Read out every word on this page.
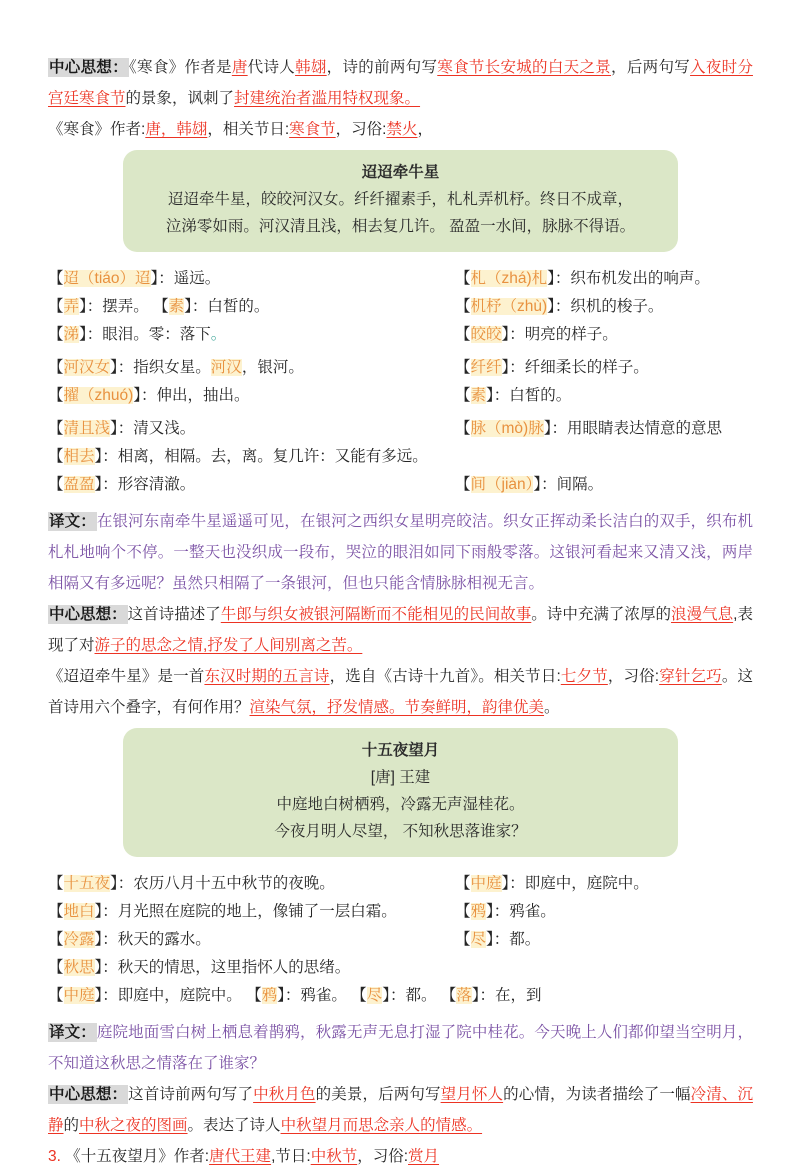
中心思想：《寒食》作者是唐代诗人韩翃，诗的前两句写寒食节长安城的白天之景，后两句写入夜时分宫廷寒食节的景象，讽刺了封建统治者滥用特权现象。
《寒食》作者:唐，韩翃，相关节日:寒食节，习俗:禁火，
迢迢牵牛星
迢迢牵牛星，皎皎河汉女。纤纤擢素手，札札弄机杼。终日不成章，
泣涕零如雨。河汉清且浅，相去复几许。 盈盈一水间，脉脉不得语。
【迢（tiáo）迢】：遥远。	【札（zhá)札】：织布机发出的响声。
【弄】：摆弄。 【素】：白皙的。	【机杼（zhù)】：织机的梭子。
【涕】：眼泪。零：落下。	【皎皎】：明亮的样子。
【河汉女】：指织女星。河汉，银河。	【纤纤】：纤细柔长的样子。
【擢（zhuó)】：伸出，抽出。	【素】：白皙的。
【清且浅】：清又浅。	【脉（mò)脉】：用眼睛表达情意的意思
【相去】：相离，相隔。去，离。复几许：又能有多远。
【盈盈】：形容清澈。	【间（jiàn）】：间隔。
译文：在银河东南牵牛星遥遥可见，在银河之西织女星明亮皎洁。织女正挥动柔长洁白的双手，织布机札札地响个不停。一整天也没织成一段布，哭泣的眼泪如同下雨般零落。这银河看起来又清又浅，两岸相隔又有多远呢？虽然只相隔了一条银河，但也只能含情脉脉相视无言。
中心思想：这首诗描述了牛郎与织女被银河隔断而不能相见的民间故事。诗中充满了浓厚的浪漫气息,表现了对游子的思念之情,抒发了人间别离之苦。
《迢迢牵牛星》是一首东汉时期的五言诗，选自《古诗十九首》。相关节日:七夕节，习俗:穿针乞巧。这首诗用六个叠字，有何作用？渲染气氛，抒发情感。节奏鲜明，韵律优美。
十五夜望月
[唐] 王建
中庭地白树栖鸦，冷露无声湿桂花。
今夜月明人尽望， 不知秋思落谁家？
【十五夜】：农历八月十五中秋节的夜晚。	【中庭】：即庭中，庭院中。
【地白】：月光照在庭院的地上，像铺了一层白霜。	【鸦】：鸦雀。
【冷露】：秋天的露水。	【尽】：都。
【秋思】：秋天的情思，这里指怀人的思绪。
【中庭】：即庭中，庭院中。 【鸦】：鸦雀。 【尽】：都。 【落】：在，到
译文：庭院地面雪白树上栖息着鹊鸦，秋露无声无息打湿了院中桂花。今天晚上人们都仰望当空明月，不知道这秋思之情落在了谁家？
中心思想：这首诗前两句写了中秋月色的美景，后两句写望月怀人的心情，为读者描绘了一幅冷清、沉静的中秋之夜的图画。表达了诗人中秋望月而思念亲人的情感。
3. 《十五夜望月》作者:唐代王建,节日:中秋节，习俗:赏月
